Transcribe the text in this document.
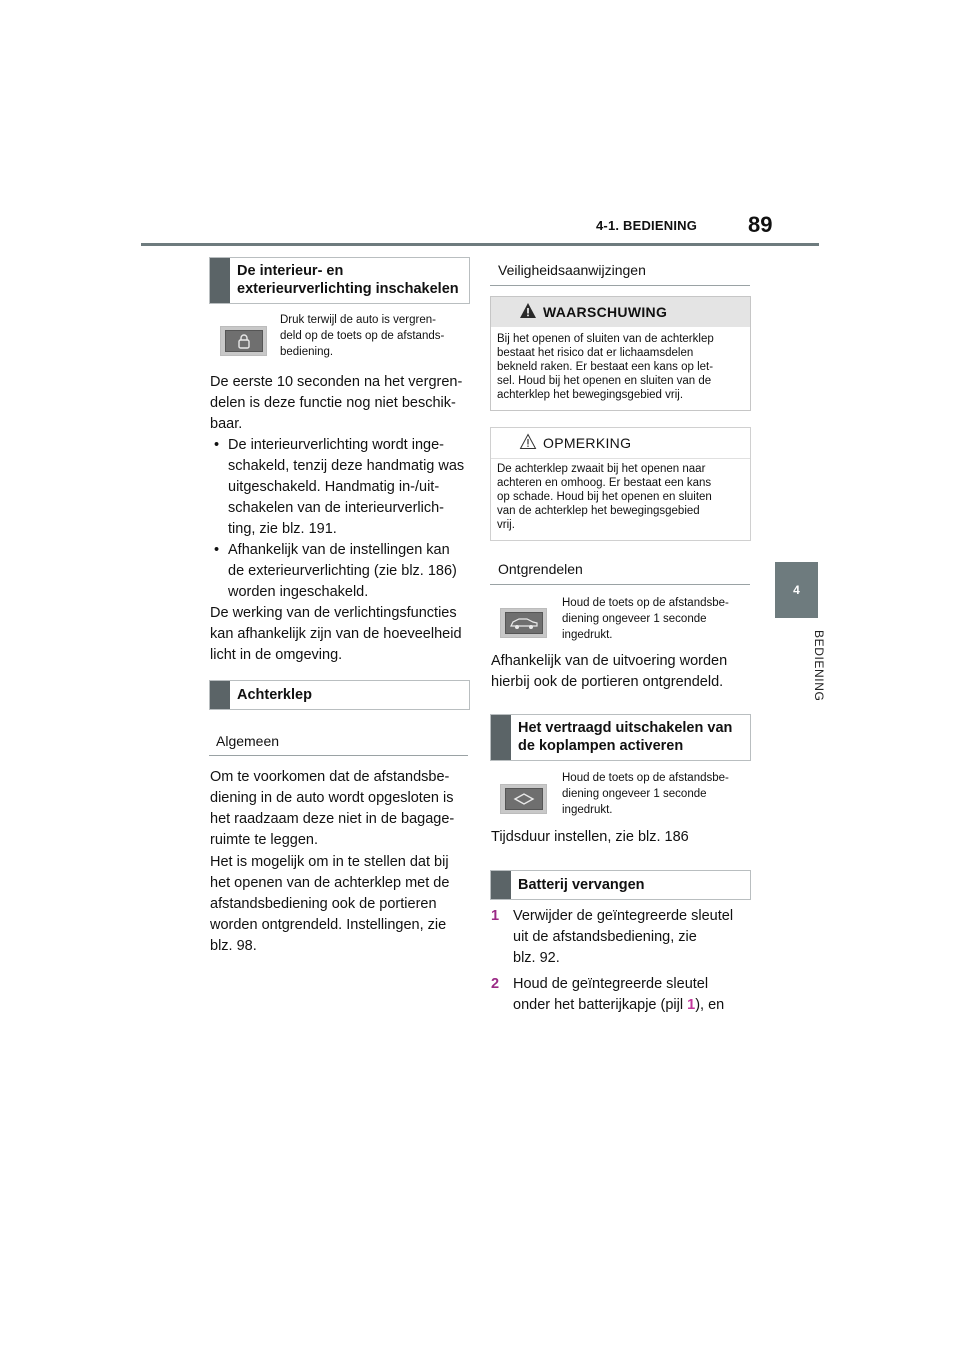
4-1. BEDIENING 89
4
BEDIENING
De interieur- en
exterieurverlichting inschakelen
Druk terwijl de auto is vergren-
deld op de toets op de afstands-
bediening.
De eerste 10 seconden na het vergren-
delen is deze functie nog niet beschik-
baar.
• De interieurverlichting wordt inge-
schakeld, tenzij deze handmatig was
uitgeschakeld. Handmatig in-/uit-
schakelen van de interieurverlich-
ting, zie blz. 191.
• Afhankelijk van de instellingen kan
de exterieurverlichting (zie blz. 186)
worden ingeschakeld.
De werking van de verlichtingsfuncties
kan afhankelijk zijn van de hoeveelheid
licht in de omgeving.
Achterklep
Algemeen
Om te voorkomen dat de afstandsbe-
diening in de auto wordt opgesloten is
het raadzaam deze niet in de bagage-
ruimte te leggen.
Het is mogelijk om in te stellen dat bij
het openen van de achterklep met de
afstandsbediening ook de portieren
worden ontgrendeld. Instellingen, zie
blz. 98.
Veiligheidsaanwijzingen
WAARSCHUWING
Bij het openen of sluiten van de achterklep
bestaat het risico dat er lichaamsdelen
bekneld raken. Er bestaat een kans op let-
sel. Houd bij het openen en sluiten van de
achterklep het bewegingsgebied vrij.
OPMERKING
De achterklep zwaait bij het openen naar
achteren en omhoog. Er bestaat een kans
op schade. Houd bij het openen en sluiten
van de achterklep het bewegingsgebied
vrij.
Ontgrendelen
Houd de toets op de afstandsbe-
diening ongeveer 1 seconde
ingedrukt.
Afhankelijk van de uitvoering worden
hierbij ook de portieren ontgrendeld.
Het vertraagd uitschakelen van
de koplampen activeren
Houd de toets op de afstandsbe-
diening ongeveer 1 seconde
ingedrukt.
Tijdsduur instellen, zie blz. 186
Batterij vervangen
1 Verwijder de geïntegreerde sleutel
uit de afstandsbediening, zie
blz. 92.
2 Houd de geïntegreerde sleutel
onder het batterijkapje (pijl 1), en
